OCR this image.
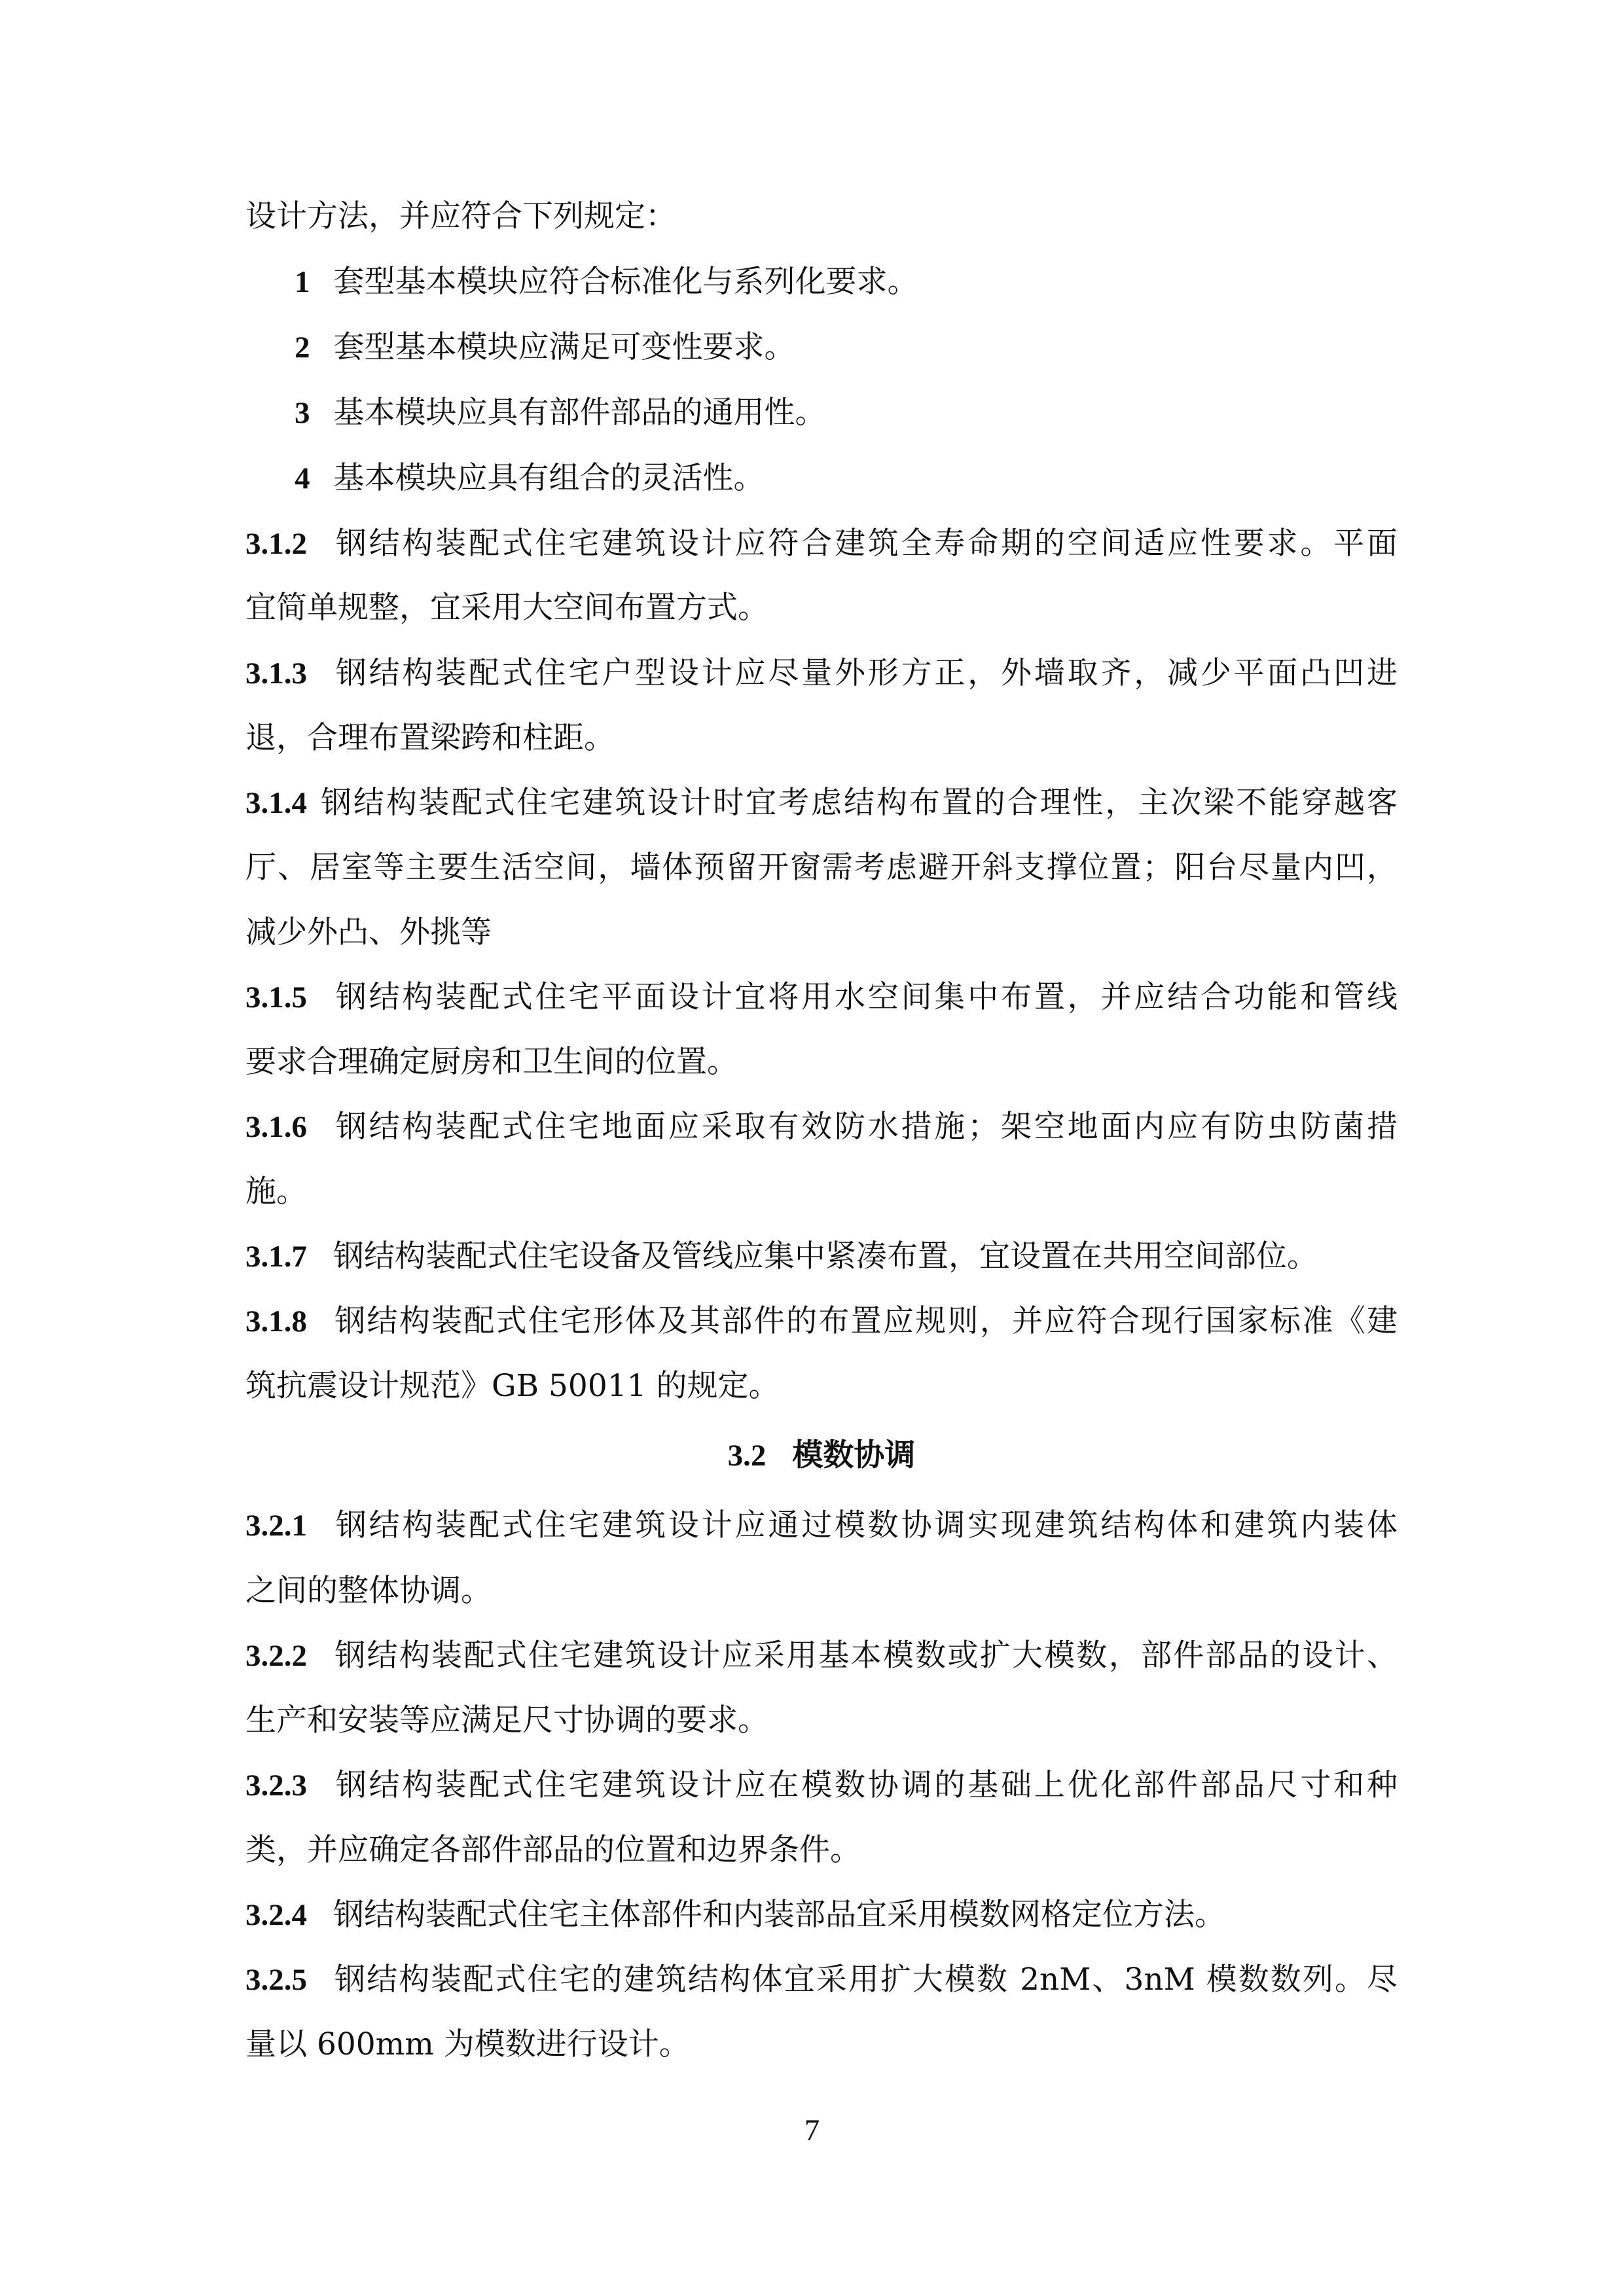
设计方法，并应符合下列规定：
1 套型基本模块应符合标准化与系列化要求。
2 套型基本模块应满足可变性要求。
3 基本模块应具有部件部品的通用性。
4 基本模块应具有组合的灵活性。
3.1.2 钢结构装配式住宅建筑设计应符合建筑全寿命期的空间适应性要求。平面
宜简单规整，宜采用大空间布置方式。
3.1.3 钢结构装配式住宅户型设计应尽量外形方正，外墙取齐，减少平面凸凹进
退，合理布置梁跨和柱距。
3.1.4 钢结构装配式住宅建筑设计时宜考虑结构布置的合理性，主次梁不能穿越客
厅、居室等主要生活空间，墙体预留开窗需考虑避开斜支撑位置；阳台尽量内凹，
减少外凸、外挑等
3.1.5 钢结构装配式住宅平面设计宜将用水空间集中布置，并应结合功能和管线
要求合理确定厨房和卫生间的位置。
3.1.6 钢结构装配式住宅地面应采取有效防水措施；架空地面内应有防虫防菌措
施。
3.1.7 钢结构装配式住宅设备及管线应集中紧凑布置，宜设置在共用空间部位。
3.1.8 钢结构装配式住宅形体及其部件的布置应规则，并应符合现行国家标准《建
筑抗震设计规范》GB 50011 的规定。
3.2 模数协调
3.2.1 钢结构装配式住宅建筑设计应通过模数协调实现建筑结构体和建筑内装体
之间的整体协调。
3.2.2 钢结构装配式住宅建筑设计应采用基本模数或扩大模数，部件部品的设计、
生产和安装等应满足尺寸协调的要求。
3.2.3 钢结构装配式住宅建筑设计应在模数协调的基础上优化部件部品尺寸和种
类，并应确定各部件部品的位置和边界条件。
3.2.4 钢结构装配式住宅主体部件和内装部品宜采用模数网格定位方法。
3.2.5 钢结构装配式住宅的建筑结构体宜采用扩大模数 2nM、3nM 模数数列。尽
量以 600mm 为模数进行设计。
7
